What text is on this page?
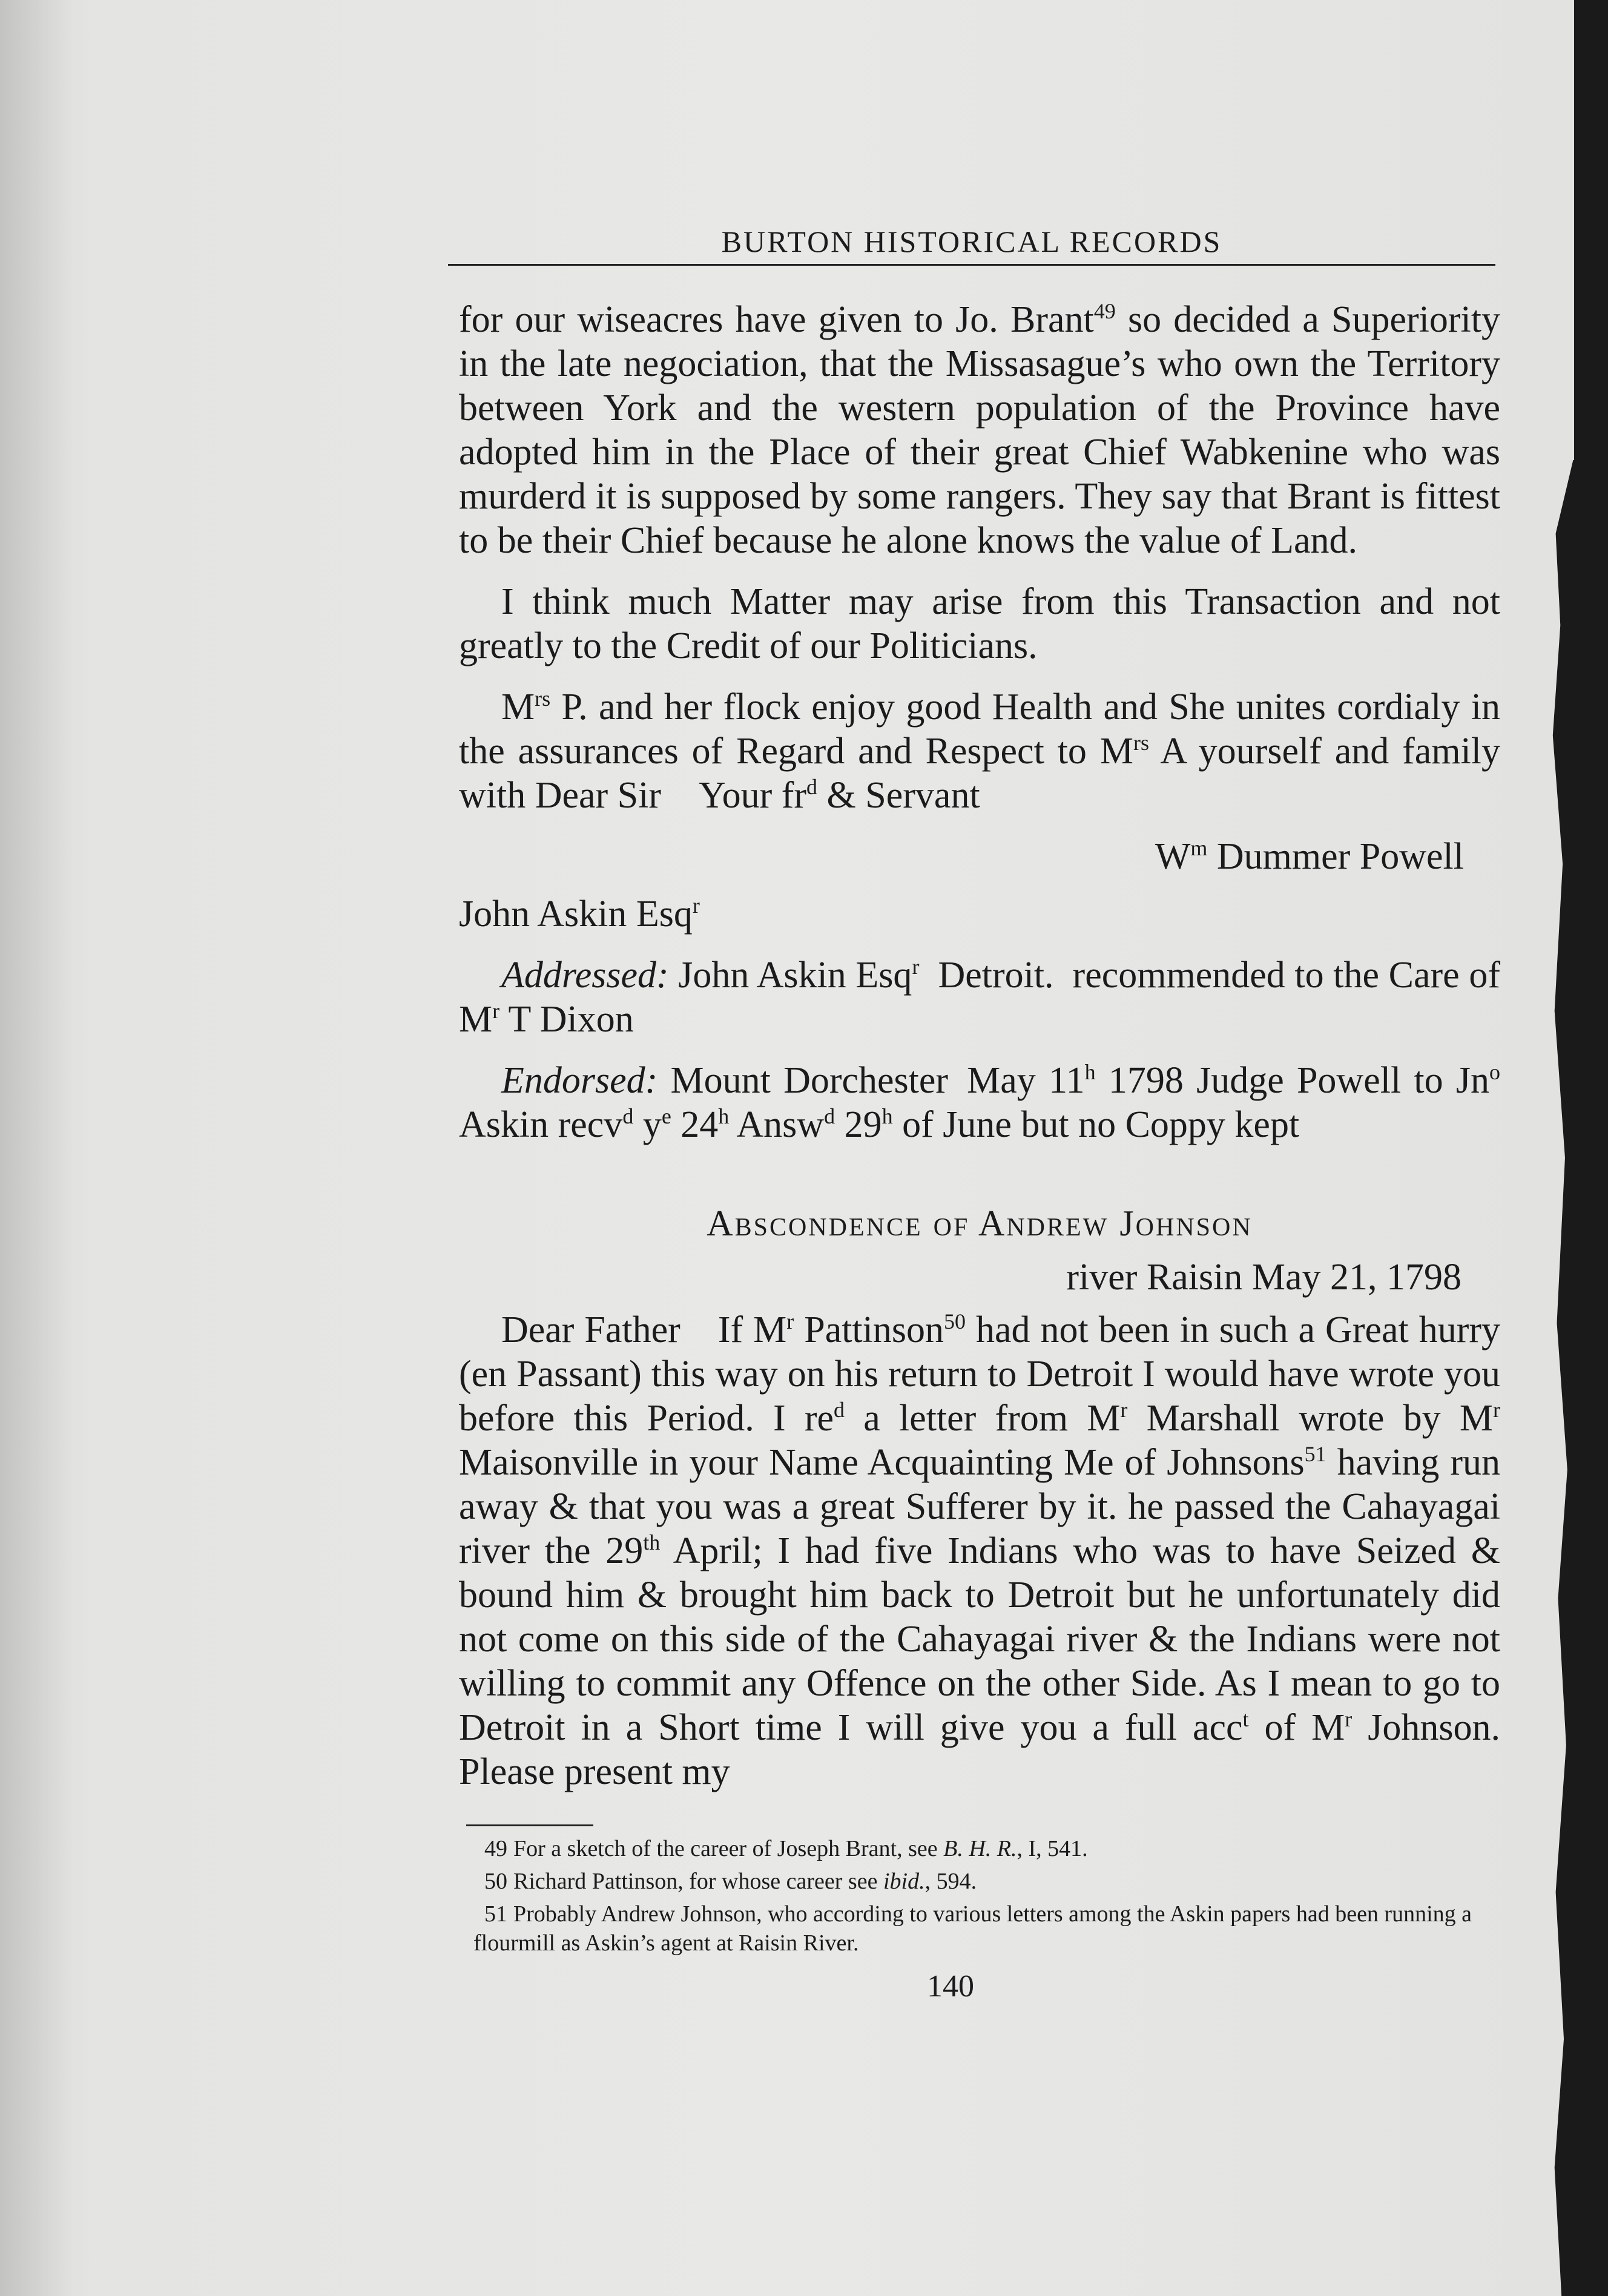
BURTON HISTORICAL RECORDS

for our wiseacres have given to Jo. Brant$^{49}$ so decided a Superiority in the late negociation, that the Missasague’s who own the Territory between York and the western population of the Province have adopted him in the Place of their great Chief Wabkenine who was murderd it is supposed by some rangers. They say that Brant is fittest to be their Chief because he alone knows the value of Land.

I think much Matter may arise from this Transaction and not greatly to the Credit of our Politicians.

$M^{rs}$ P. and her flock enjoy good Health and She unites cordialy in the assurances of Regard and Respect to $M^{rs}$ A yourself and family with Dear Sir Your $fr^d$ & Servant

$W^m$ Dummer Powell

John Askin Esq$^r$

Addressed: John Askin Esq$^r$ Detroit. recommended to the Care of $M^r$ T Dixon

Endorsed: Mount Dorchester May 11$^h$ 1798 Judge Powell to Jn$^o$ Askin recv$^d$ $y^e$ 24$^h$ Answ$^d$ 29$^h$ of June but no Coppy kept

Abscondence of Andrew Johnson

river Raisin May 21, 1798

Dear Father If $M^r$ Pattinson$^{50}$ had not been in such a Great hurry (en Passant) this way on his return to Detroit I would have wrote you before this Period. I $re^d$ a letter from $M^r$ Marshall wrote by $M^r$ Maisonville in your Name Acquainting Me of Johnsons$^{51}$ having run away & that you was a great Sufferer by it. he passed the Cahayagai river the 29th April; I had five Indians who was to have Seized & bound him & brought him back to Detroit but he unfortunately did not come on this side of the Cahayagai river & the Indians were not willing to commit any Offence on the other Side. As I mean to go to Detroit in a Short time I will give you a full acc$^t$ of $M^r$ Johnson. Please present my

49 For a sketch of the career of Joseph Brant, see B. H. R., I, 541.

50 Richard Pattinson, for whose career see ibid., 594.

51 Probably Andrew Johnson, who according to various letters among the Askin papers had been running a flourmill as Askin’s agent at Raisin River.

140
